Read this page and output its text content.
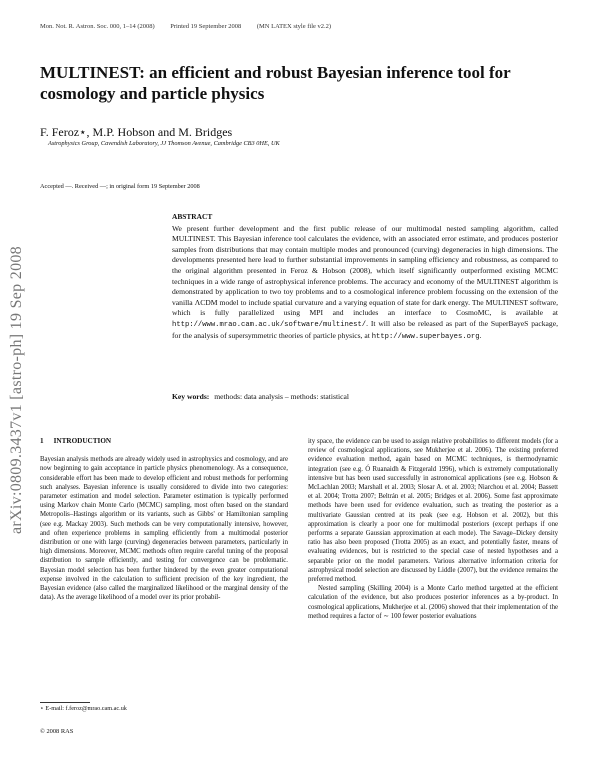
Mon. Not. R. Astron. Soc. 000, 1–14 (2008) Printed 19 September 2008 (MN LATEX style file v2.2)
MULTINEST: an efficient and robust Bayesian inference tool for cosmology and particle physics
F. Feroz⋆, M.P. Hobson and M. Bridges
Astrophysics Group, Cavendish Laboratory, JJ Thomson Avenue, Cambridge CB3 0HE, UK
Accepted —. Received —; in original form 19 September 2008
arXiv:0809.3437v1 [astro-ph] 19 Sep 2008
ABSTRACT
We present further development and the first public release of our multimodal nested sampling algorithm, called MULTINEST. This Bayesian inference tool calculates the evidence, with an associated error estimate, and produces posterior samples from distributions that may contain multiple modes and pronounced (curving) degeneracies in high dimensions. The developments presented here lead to further substantial improvements in sampling efficiency and robustness, as compared to the original algorithm presented in Feroz & Hobson (2008), which itself significantly outperformed existing MCMC techniques in a wide range of astrophysical inference problems. The accuracy and economy of the MULTINEST algorithm is demonstrated by application to two toy problems and to a cosmological inference problem focussing on the extension of the vanilla ΛCDM model to include spatial curvature and a varying equation of state for dark energy. The MULTINEST software, which is fully parallelized using MPI and includes an interface to CosmoMC, is available at http://www.mrao.cam.ac.uk/software/multinest/. It will also be released as part of the SuperBayeS package, for the analysis of supersymmetric theories of particle physics, at http://www.superbayes.org.
Key words: methods: data analysis – methods: statistical
1 INTRODUCTION

Bayesian analysis methods are already widely used in astrophysics and cosmology, and are now beginning to gain acceptance in particle physics phenomenology. As a consequence, considerable effort has been made to develop efficient and robust methods for performing such analyses. Bayesian inference is usually considered to divide into two categories: parameter estimation and model selection. Parameter estimation is typically performed using Markov chain Monte Carlo (MCMC) sampling, most often based on the standard Metropolis–Hastings algorithm or its variants, such as Gibbs' or Hamiltonian sampling (see e.g. Mackay 2003). Such methods can be very computationally intensive, however, and often experience problems in sampling efficiently from a multimodal posterior distribution or one with large (curving) degeneracies between parameters, particularly in high dimensions. Moreover, MCMC methods often require careful tuning of the proposal distribution to sample efficiently, and testing for convergence can be problematic. Bayesian model selection has been further hindered by the even greater computational expense involved in the calculation to sufficient precision of the key ingredient, the Bayesian evidence (also called the marginalized likelihood or the marginal density of the data). As the average likelihood of a model over its prior probabil-

ity space, the evidence can be used to assign relative probabilities to different models (for a review of cosmological applications, see Mukherjee et al. 2006). The existing preferred evidence evaluation method, again based on MCMC techniques, is thermodynamic integration (see e.g. Ó Ruanaidh & Fitzgerald 1996), which is extremely computationally intensive but has been used successfully in astronomical applications (see e.g. Hobson & McLachlan 2003; Marshall et al. 2003; Slosar A. et al. 2003; Niarchou et al. 2004; Bassett et al. 2004; Trotta 2007; Beltrán et al. 2005; Bridges et al. 2006). Some fast approximate methods have been used for evidence evaluation, such as treating the posterior as a multivariate Gaussian centred at its peak (see e.g. Hobson et al. 2002), but this approximation is clearly a poor one for multimodal posteriors (except perhaps if one performs a separate Gaussian approximation at each mode). The Savage–Dickey density ratio has also been proposed (Trotta 2005) as an exact, and potentially faster, means of evaluating evidences, but is restricted to the special case of nested hypotheses and a separable prior on the model parameters. Various alternative information criteria for astrophysical model selection are discussed by Liddle (2007), but the evidence remains the preferred method.

Nested sampling (Skilling 2004) is a Monte Carlo method targetted at the efficient calculation of the evidence, but also produces posterior inferences as a by-product. In cosmological applications, Mukherjee et al. (2006) showed that their implementation of the method requires a factor of ∼ 100 fewer posterior evaluations

⋆ E-mail: f.feroz@mrao.cam.ac.uk
© 2008 RAS
